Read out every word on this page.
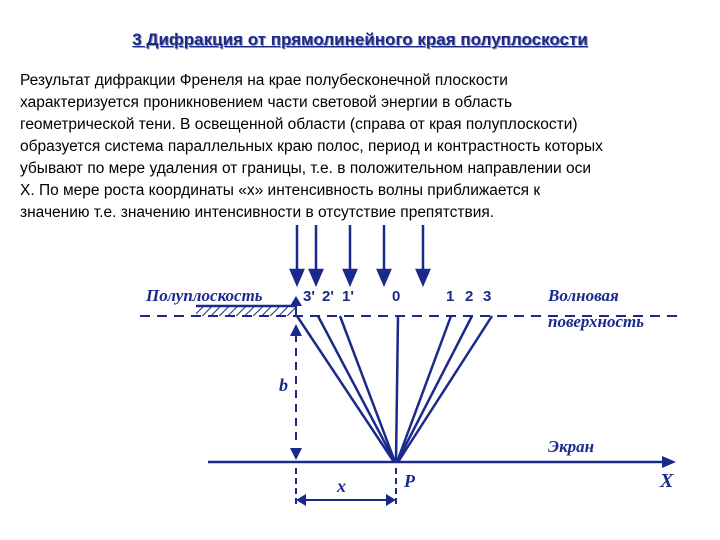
3 Дифракция от прямолинейного края полуплоскости
Результат дифракции Френеля на крае полубесконечной плоскости
характеризуется проникновением части световой энергии в область
геометрической тени. В освещенной области (справа от края полуплоскости)
образуется система параллельных краю полос, период и контрастность которых
убывают по мере удаления от границы, т.е. в положительном направлении оси
X. По мере роста координаты «х» интенсивность волны приближается к
значению т.е. значению интенсивности в отсутствие препятствия.
Полуплоскость	Волновая
поверхность
Экран
b
x	P	X
3' 2' 1'	0	1 2 3
